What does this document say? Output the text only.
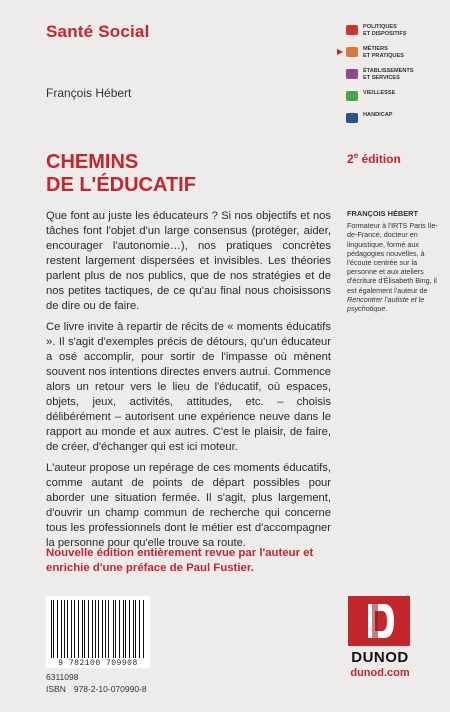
Santé Social
François Hébert
CHEMINS
DE L'ÉDUCATIF
2e édition
POLITIQUES
ET DISPOSITIFS
▶	MÉTIERS
ET PRATIQUES
ÉTABLISSEMENTS
ET SERVICES
VIEILLESSE
HANDICAP

Que font au juste les éducateurs ? Si nos objectifs et nos tâches font l'objet d'un large consensus (protéger, aider, encourager l'autonomie…), nos pratiques concrètes restent largement dispersées et invisibles. Les théories parlent plus de nos publics, que de nos stratégies et de nos petites tactiques, de ce qu'au final nous choisissons de dire ou de faire.

Ce livre invite à repartir de récits de « moments éducatifs ». Il s'agit d'exemples précis de détours, qu'un éducateur a osé accomplir, pour sortir de l'impasse où mènent souvent nos intentions directes envers autrui. Commence alors un retour vers le lieu de l'éducatif, où espaces, objets, jeux, activités, attitudes, etc. – choisis délibérément – autorisent une expérience neuve dans le rapport au monde et aux autres. C'est le plaisir, de faire, de créer, d'échanger qui est ici moteur.

L'auteur propose un repérage de ces moments éducatifs, comme autant de points de départ possibles pour aborder une situation fermée. Il s'agit, plus largement, d'ouvrir un champ commun de recherche qui concerne tous les professionnels dont le métier est d'accompagner la personne pour qu'elle trouve sa route.

Nouvelle édition entièrement revue par l'auteur et enrichie d'une préface de Paul Fustier.

FRANÇOIS HÉBERT
Formateur à l'IRTS Paris Ile-de-France, docteur en linguistique, formé aux pédagogies nouvelles, à l'écoute centrée sur la personne et aux ateliers d'écriture d'Élisabeth Bing, il est également l'auteur de Rencontrer l'autiste et le psychotique.
9 782100 709908
6311098
ISBN 978-2-10-070990-8
DUNOD
dunod.com
